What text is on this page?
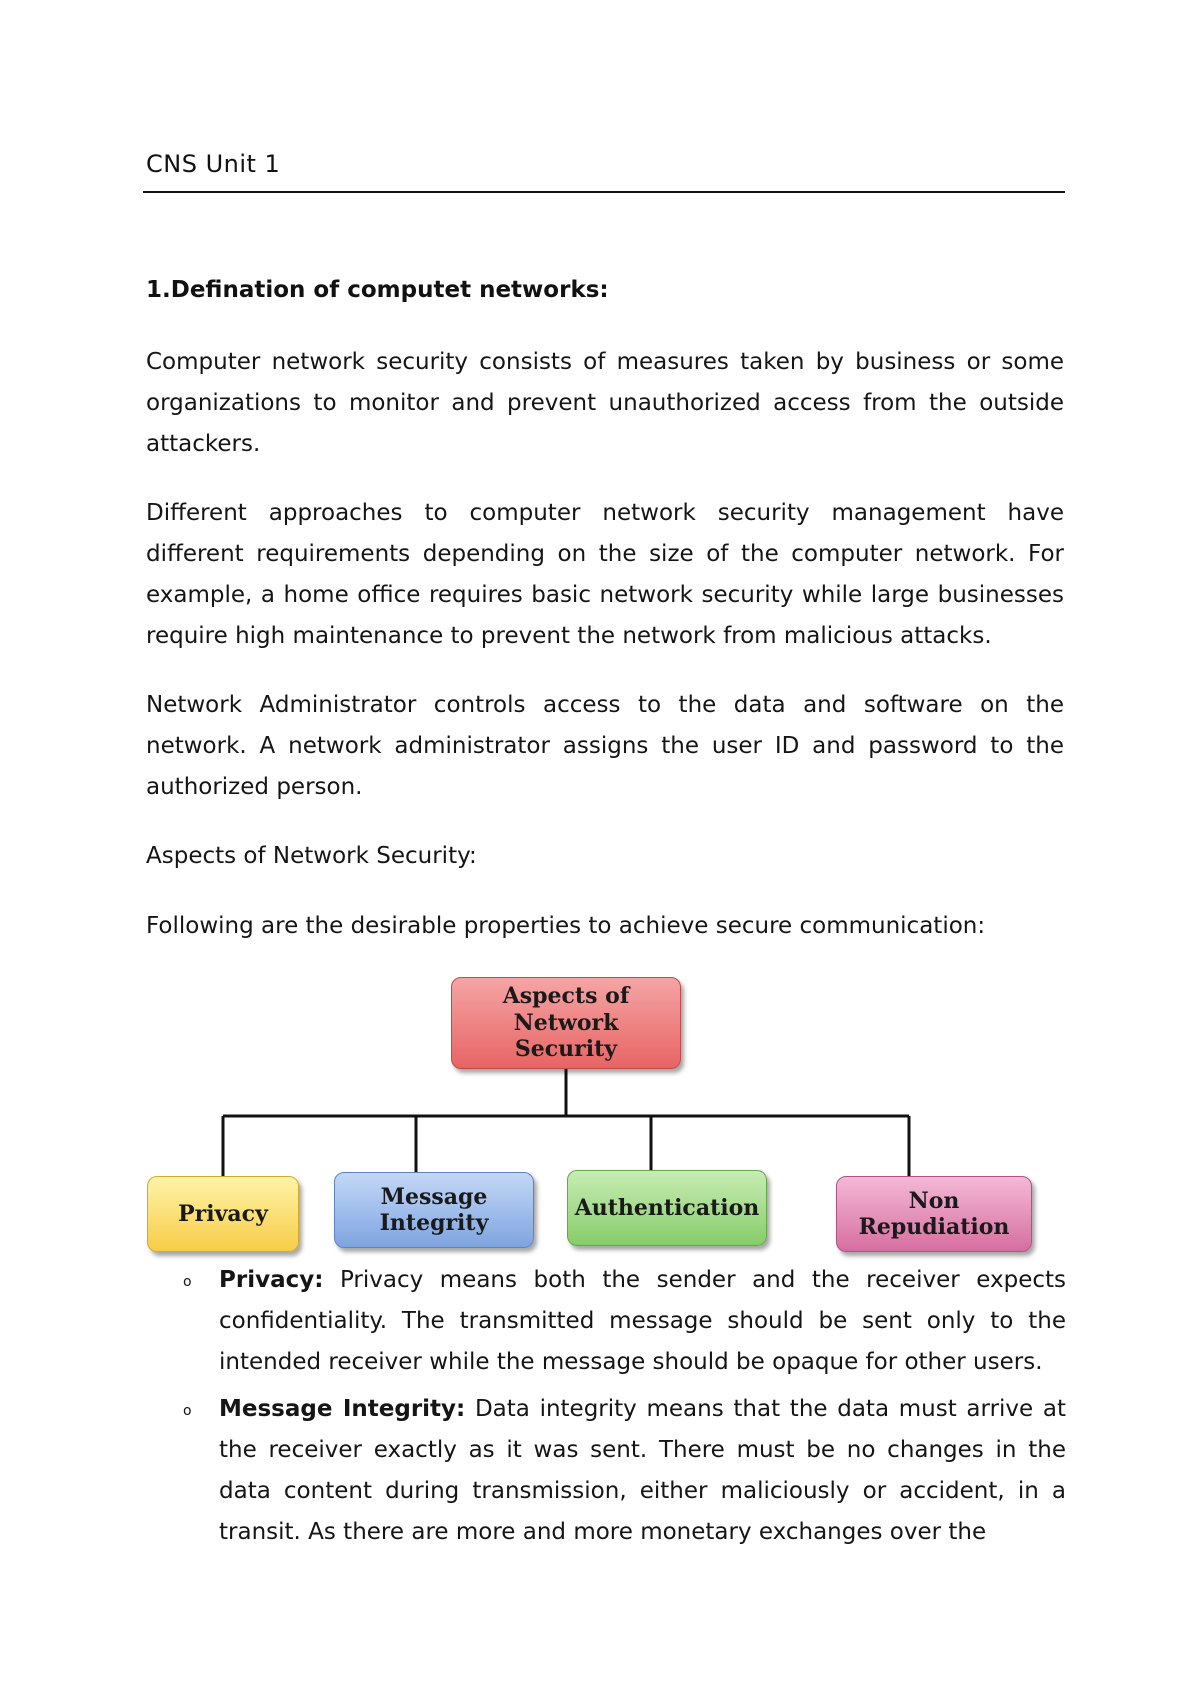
CNS Unit 1
1.Defination of computet networks:

Computer network security consists of measures taken by business or some organizations to monitor and prevent unauthorized access from the outside attackers.

Different approaches to computer network security management have different requirements depending on the size of the computer network. For example, a home office requires basic network security while large businesses require high maintenance to prevent the network from malicious attacks.

Network Administrator controls access to the data and software on the network. A network administrator assigns the user ID and password to the authorized person.

Aspects of Network Security:

Following are the desirable properties to achieve secure communication:

Aspects of Network
Security
Privacy
Message
Integrity
Authentication	Non
Repudiation
o Privacy: Privacy means both the sender and the receiver expects confidentiality. The transmitted message should be sent only to the intended receiver while the message should be opaque for other users.
o Message Integrity: Data integrity means that the data must arrive at the receiver exactly as it was sent. There must be no changes in the data content during transmission, either maliciously or accident, in a transit. As there are more and more monetary exchanges over the
